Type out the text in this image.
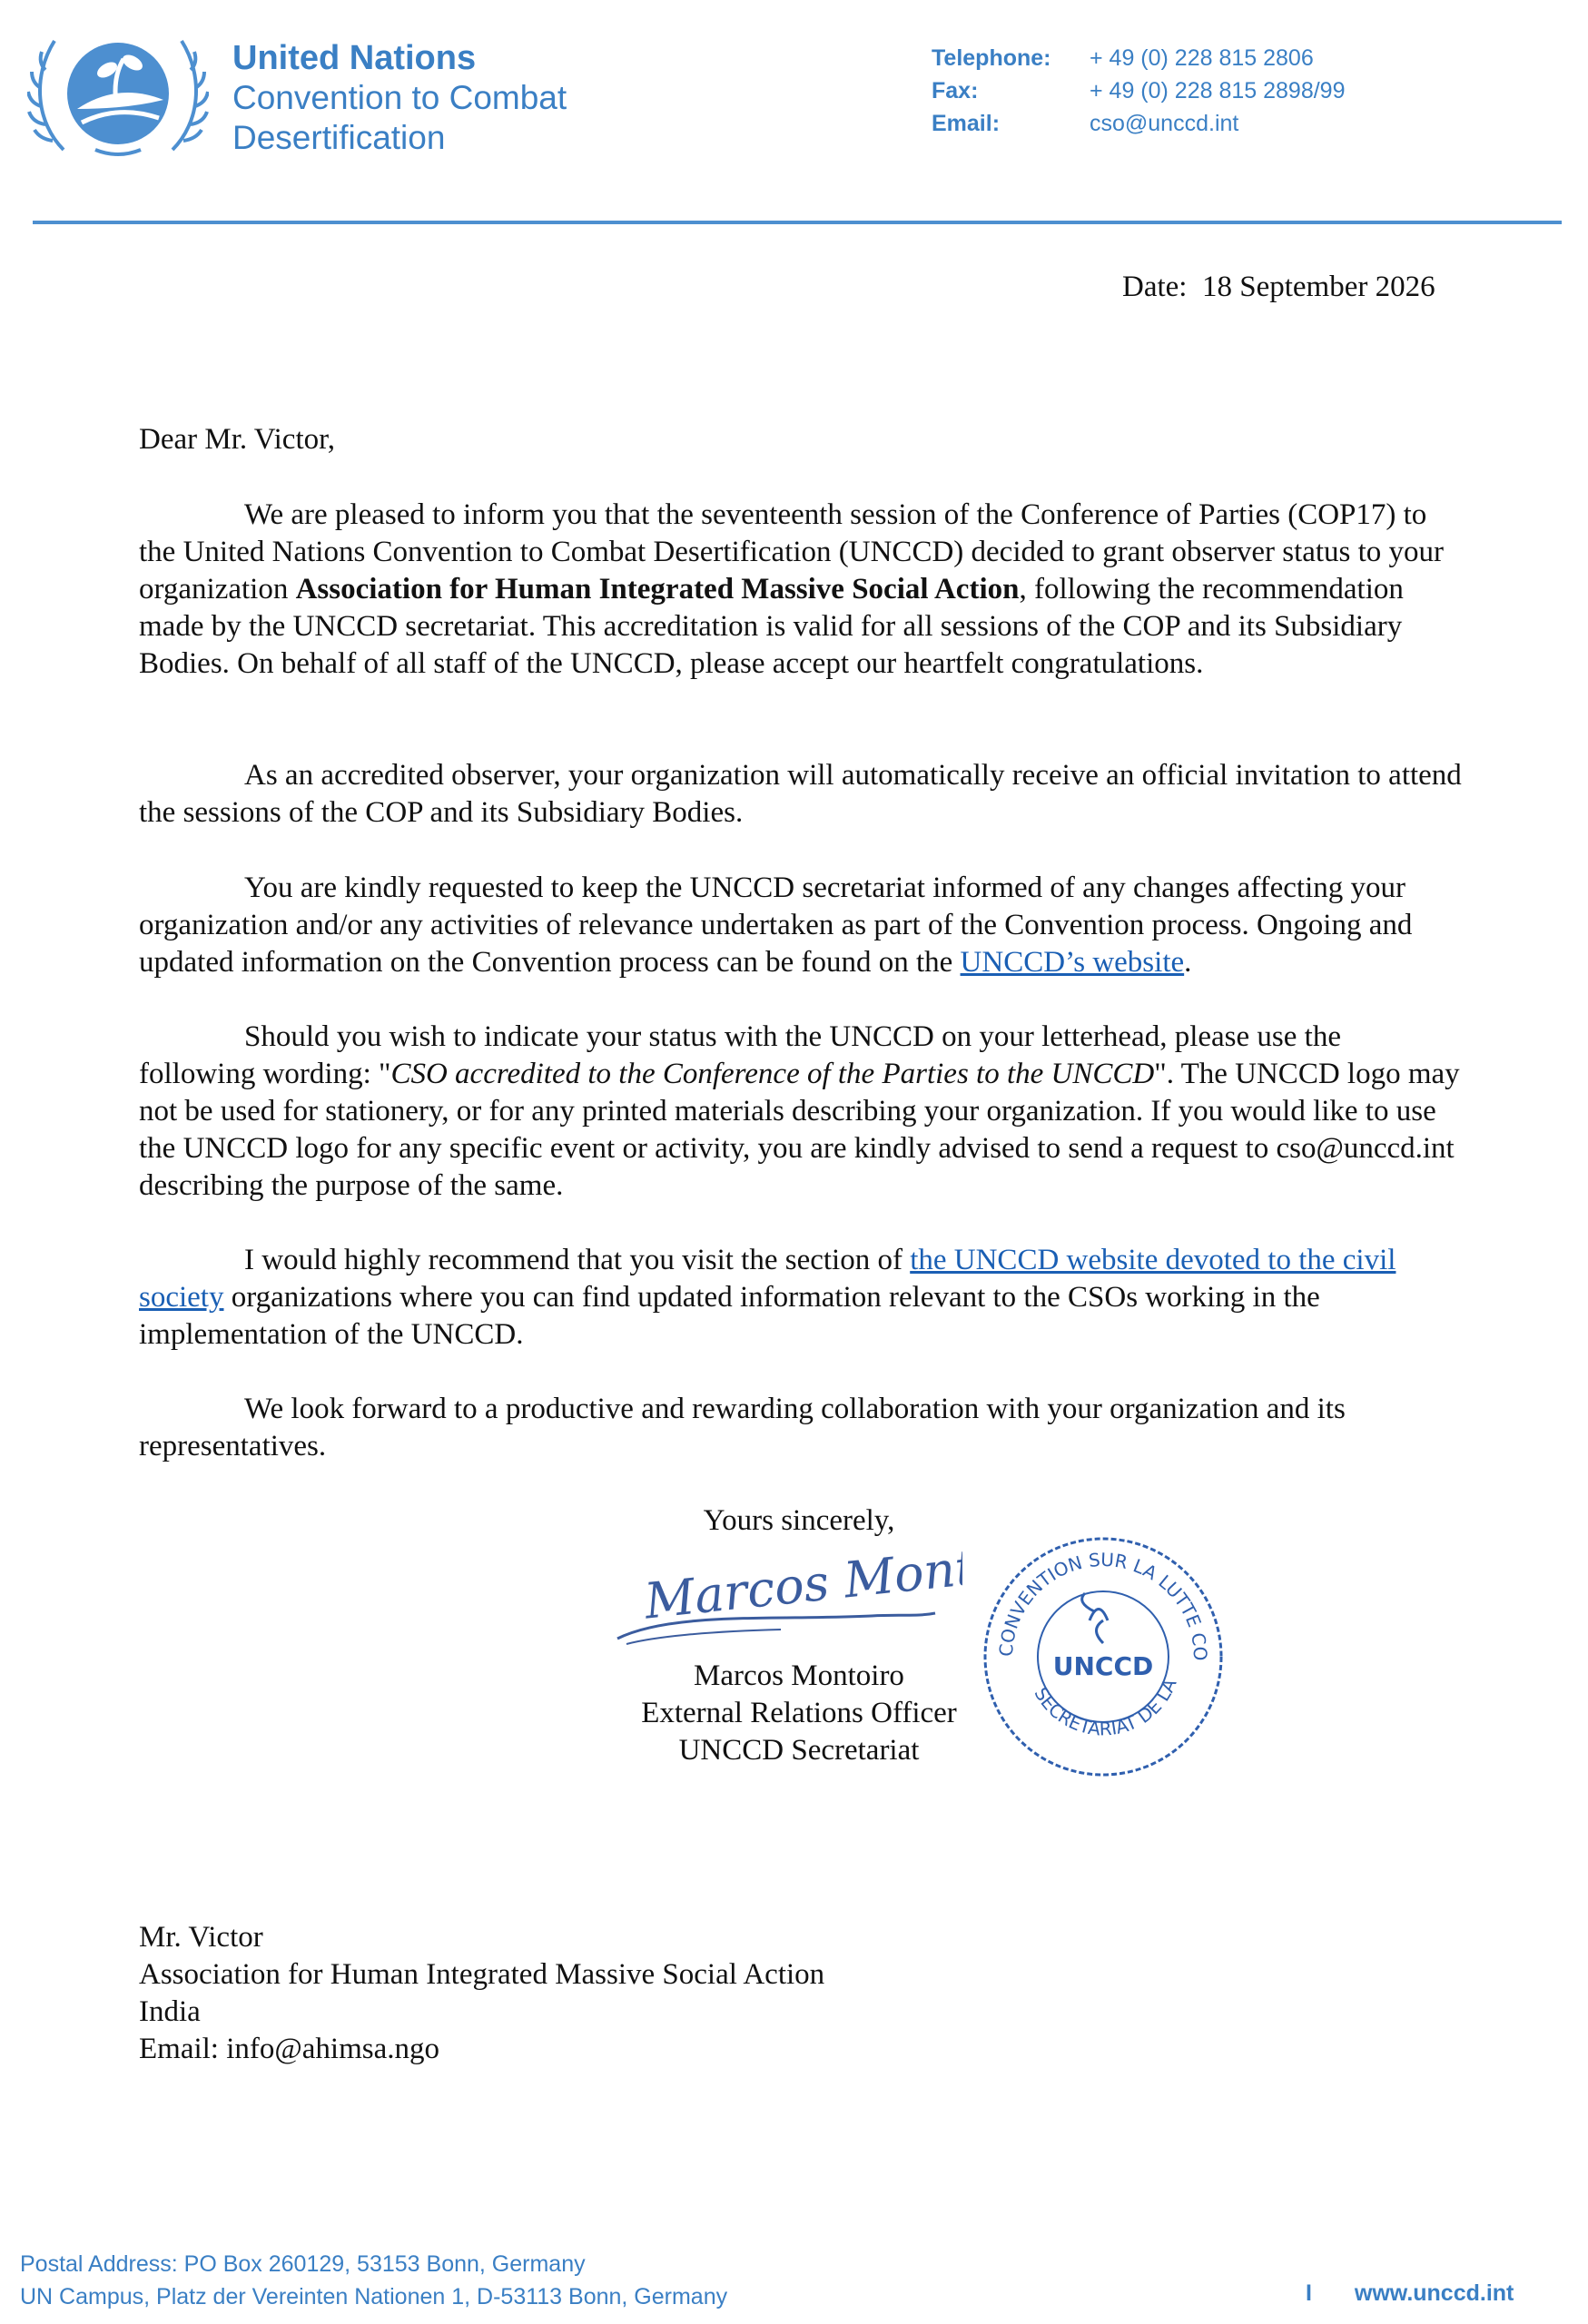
United Nations
Convention to Combat
Desertification
Telephone:	+ 49 (0) 228 815 2806
Fax:	+ 49 (0) 228 815 2898/99
Email:	cso@unccd.int
Date: 18 September 2026
Dear Mr. Victor,
We are pleased to inform you that the seventeenth session of the Conference of Parties (COP17) to the United Nations Convention to Combat Desertification (UNCCD) decided to grant observer status to your organization Association for Human Integrated Massive Social Action, following the recommendation made by the UNCCD secretariat. This accreditation is valid for all sessions of the COP and its Subsidiary Bodies. On behalf of all staff of the UNCCD, please accept our heartfelt congratulations.
As an accredited observer, your organization will automatically receive an official invitation to attend the sessions of the COP and its Subsidiary Bodies.
You are kindly requested to keep the UNCCD secretariat informed of any changes affecting your organization and/or any activities of relevance undertaken as part of the Convention process. Ongoing and updated information on the Convention process can be found on the UNCCD’s website.
Should you wish to indicate your status with the UNCCD on your letterhead, please use the following wording: "CSO accredited to the Conference of the Parties to the UNCCD". The UNCCD logo may not be used for stationery, or for any printed materials describing your organization. If you would like to use the UNCCD logo for any specific event or activity, you are kindly advised to send a request to cso@unccd.int describing the purpose of the same.
I would highly recommend that you visit the section of the UNCCD website devoted to the civil society organizations where you can find updated information relevant to the CSOs working in the implementation of the UNCCD.
We look forward to a productive and rewarding collaboration with your organization and its representatives.
Yours sincerely,
Marcos Montoiro
Marcos Montoiro
External Relations Officer
UNCCD Secretariat
CONVENTION SUR LA LUTTE CO
SECRETARIAT DE LA
UNCCD
Mr. Victor
Association for Human Integrated Massive Social Action
India
Email: info@ahimsa.ngo
Postal Address: PO Box 260129, 53153 Bonn, Germany
UN Campus, Platz der Vereinten Nationen 1, D-53113 Bonn, Germany	I www.unccd.int
